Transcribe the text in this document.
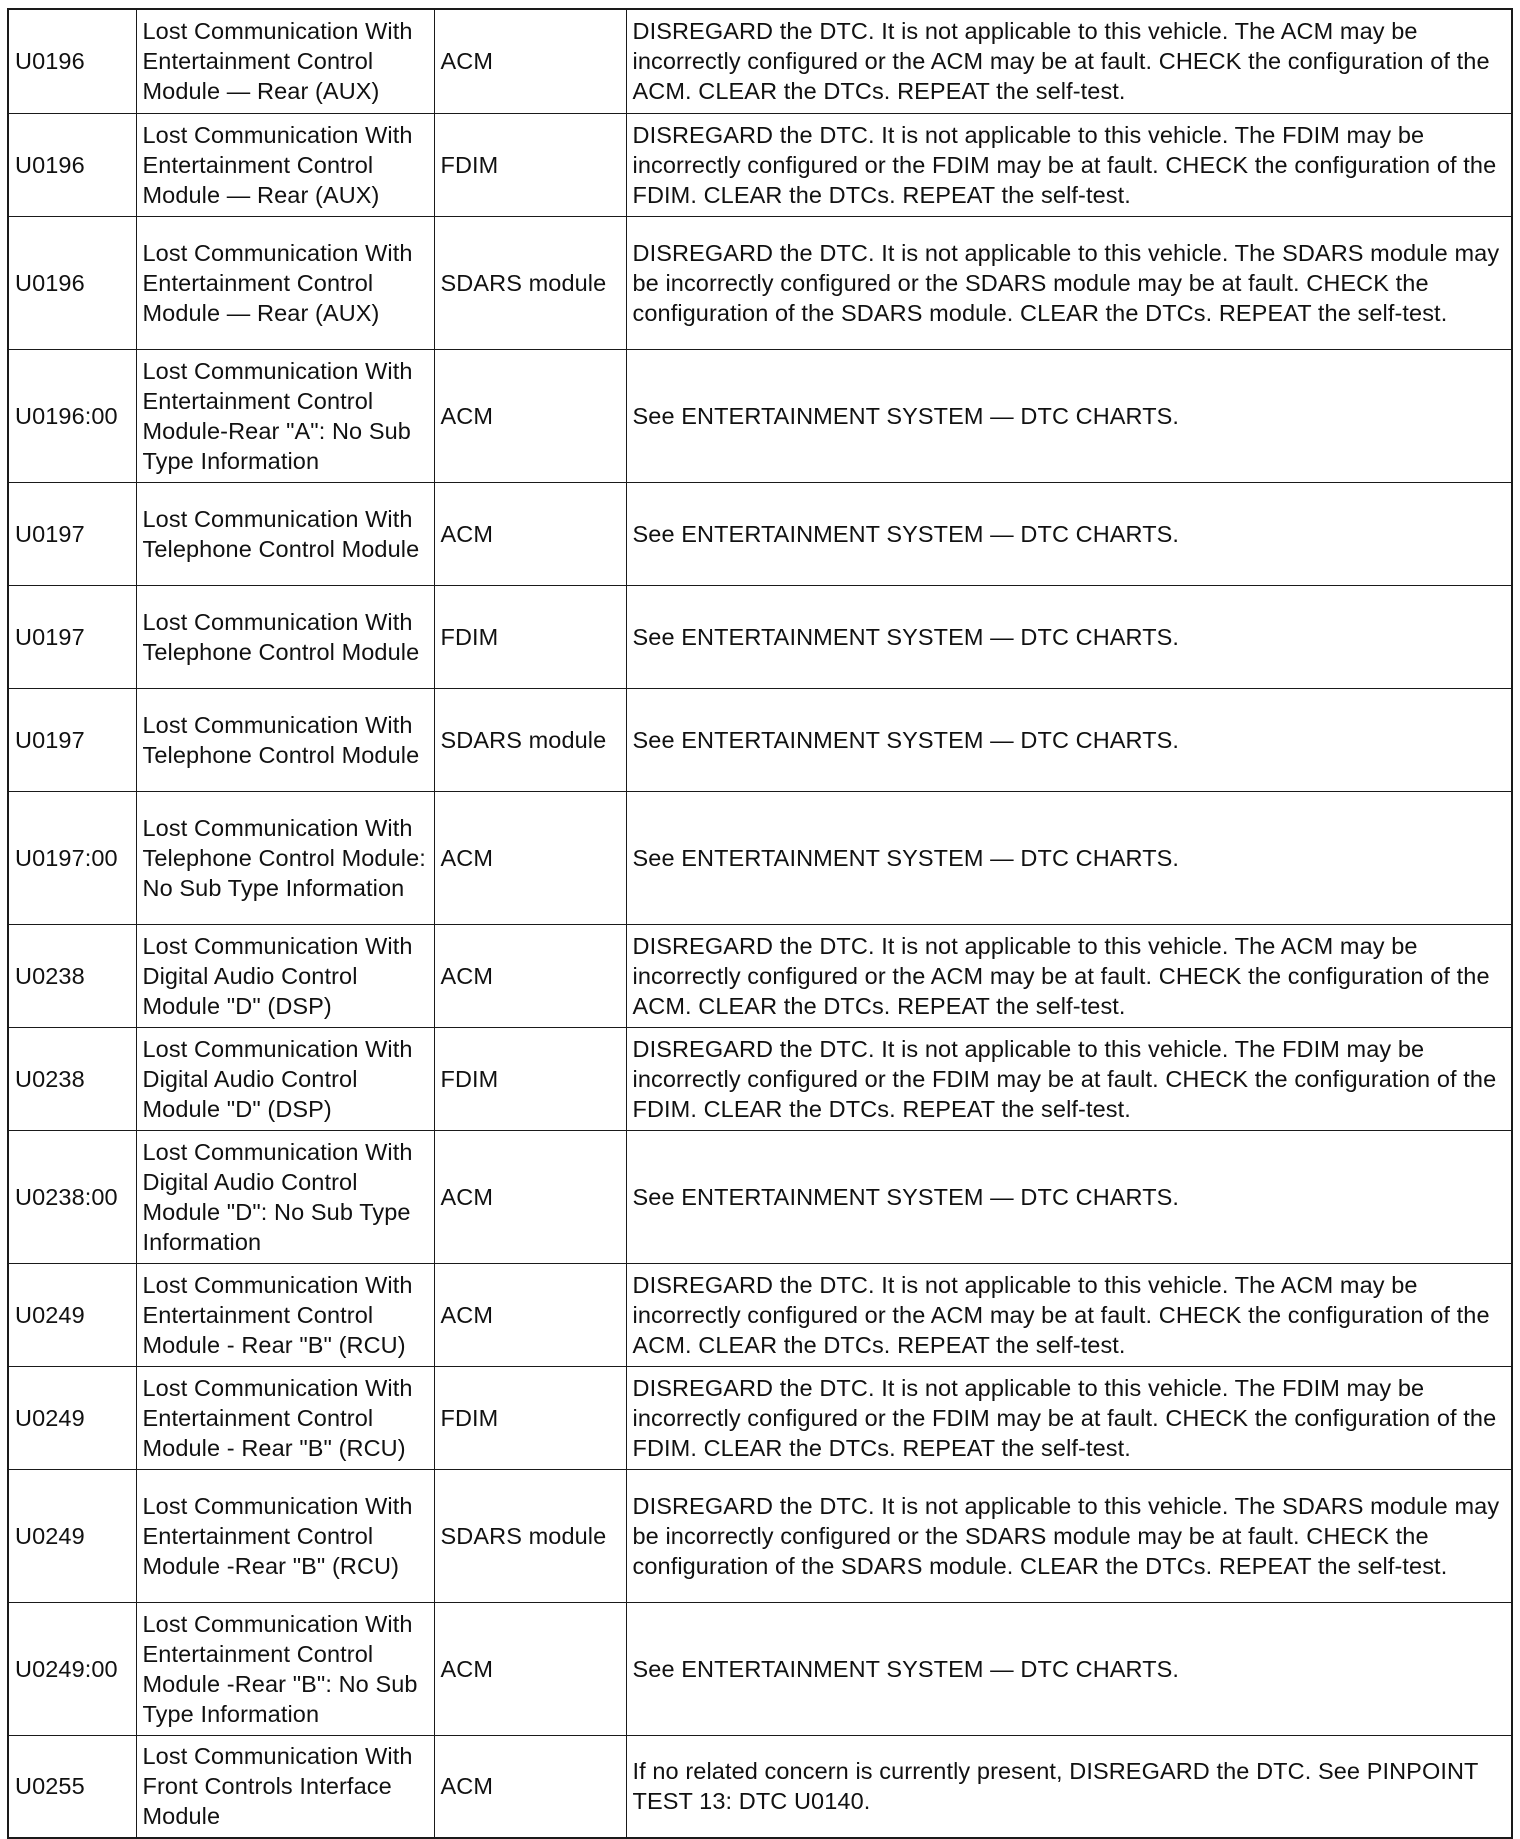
U0196	Lost Communication With Entertainment Control Module — Rear (AUX)	ACM	DISREGARD the DTC. It is not applicable to this vehicle. The ACM may be incorrectly configured or the ACM may be at fault. CHECK the configuration of the ACM. CLEAR the DTCs. REPEAT the self-test.
U0196	Lost Communication With Entertainment Control Module — Rear (AUX)	FDIM	DISREGARD the DTC. It is not applicable to this vehicle. The FDIM may be incorrectly configured or the FDIM may be at fault. CHECK the configuration of the FDIM. CLEAR the DTCs. REPEAT the self-test.
U0196	Lost Communication With Entertainment Control Module — Rear (AUX)	SDARS module	DISREGARD the DTC. It is not applicable to this vehicle. The SDARS module may be incorrectly configured or the SDARS module may be at fault. CHECK the configuration of the SDARS module. CLEAR the DTCs. REPEAT the self-test.
U0196:00	Lost Communication With Entertainment Control Module-Rear "A": No Sub Type Information	ACM	See ENTERTAINMENT SYSTEM — DTC CHARTS.
U0197	Lost Communication With Telephone Control Module	ACM	See ENTERTAINMENT SYSTEM — DTC CHARTS.
U0197	Lost Communication With Telephone Control Module	FDIM	See ENTERTAINMENT SYSTEM — DTC CHARTS.
U0197	Lost Communication With Telephone Control Module	SDARS module	See ENTERTAINMENT SYSTEM — DTC CHARTS.
U0197:00	Lost Communication With Telephone Control Module: No Sub Type Information	ACM	See ENTERTAINMENT SYSTEM — DTC CHARTS.
U0238	Lost Communication With Digital Audio Control Module "D" (DSP)	ACM	DISREGARD the DTC. It is not applicable to this vehicle. The ACM may be incorrectly configured or the ACM may be at fault. CHECK the configuration of the ACM. CLEAR the DTCs. REPEAT the self-test.
U0238	Lost Communication With Digital Audio Control Module "D" (DSP)	FDIM	DISREGARD the DTC. It is not applicable to this vehicle. The FDIM may be incorrectly configured or the FDIM may be at fault. CHECK the configuration of the FDIM. CLEAR the DTCs. REPEAT the self-test.
U0238:00	Lost Communication With Digital Audio Control Module "D": No Sub Type Information	ACM	See ENTERTAINMENT SYSTEM — DTC CHARTS.
U0249	Lost Communication With Entertainment Control Module - Rear "B" (RCU)	ACM	DISREGARD the DTC. It is not applicable to this vehicle. The ACM may be incorrectly configured or the ACM may be at fault. CHECK the configuration of the ACM. CLEAR the DTCs. REPEAT the self-test.
U0249	Lost Communication With Entertainment Control Module - Rear "B" (RCU)	FDIM	DISREGARD the DTC. It is not applicable to this vehicle. The FDIM may be incorrectly configured or the FDIM may be at fault. CHECK the configuration of the FDIM. CLEAR the DTCs. REPEAT the self-test.
U0249	Lost Communication With Entertainment Control Module -Rear "B" (RCU)	SDARS module	DISREGARD the DTC. It is not applicable to this vehicle. The SDARS module may be incorrectly configured or the SDARS module may be at fault. CHECK the configuration of the SDARS module. CLEAR the DTCs. REPEAT the self-test.
U0249:00	Lost Communication With Entertainment Control Module -Rear "B": No Sub Type Information	ACM	See ENTERTAINMENT SYSTEM — DTC CHARTS.
U0255	Lost Communication With Front Controls Interface Module	ACM	If no related concern is currently present, DISREGARD the DTC. See PINPOINT TEST 13: DTC U0140.
